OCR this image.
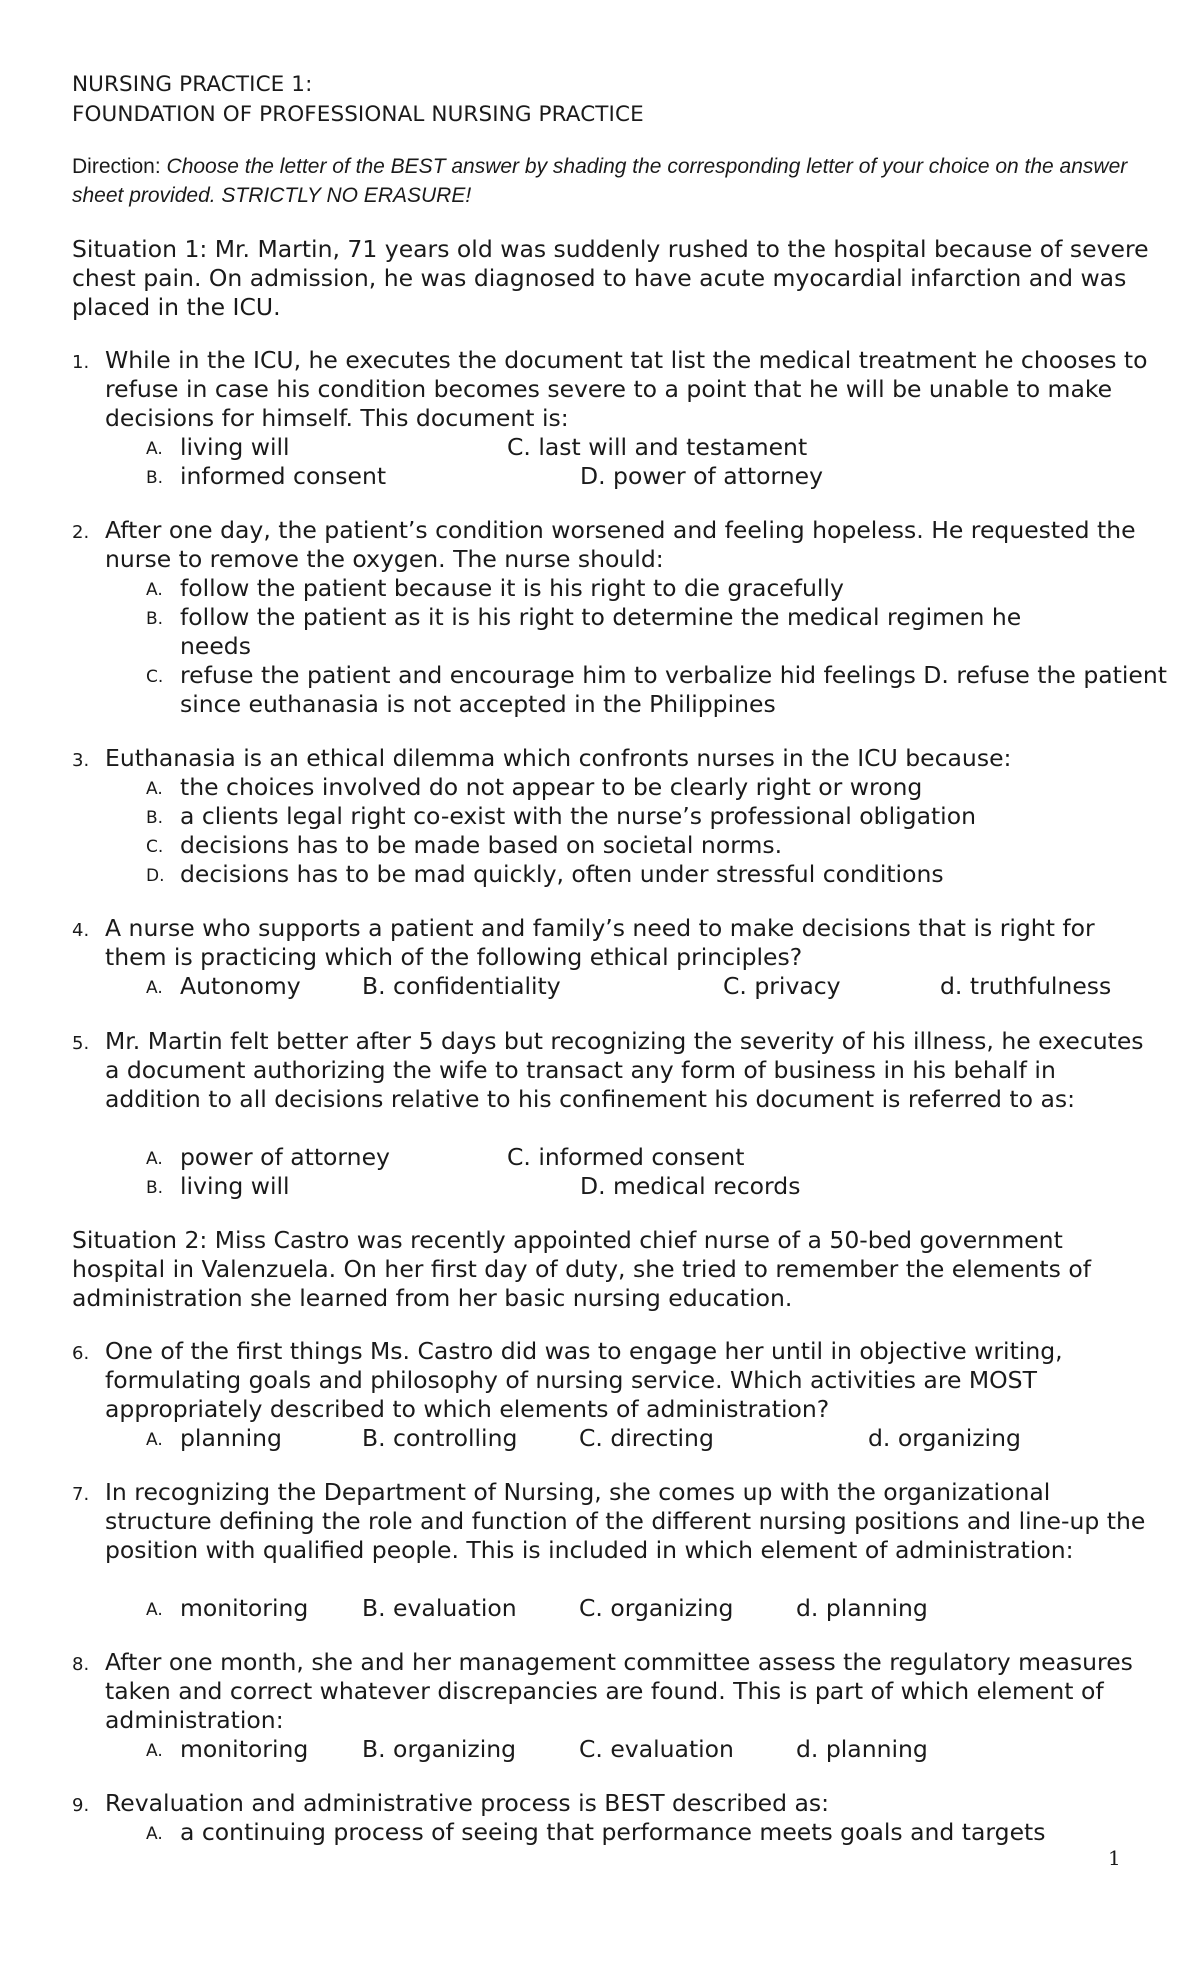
NURSING PRACTICE 1:
FOUNDATION OF PROFESSIONAL NURSING PRACTICE
Direction: Choose the letter of the BEST answer by shading the corresponding letter of your choice on the answer sheet provided. STRICTLY NO ERASURE!
Situation 1: Mr. Martin, 71 years old was suddenly rushed to the hospital because of severe chest pain. On admission, he was diagnosed to have acute myocardial infarction and was placed in the ICU.
1. While in the ICU, he executes the document tat list the medical treatment he chooses to refuse in case his condition becomes severe to a point that he will be unable to make decisions for himself. This document is:
A. living will	C. last will and testament
B. informed consent	D. power of attorney
2. After one day, the patient’s condition worsened and feeling hopeless. He requested the nurse to remove the oxygen. The nurse should:
A. follow the patient because it is his right to die gracefully
B. follow the patient as it is his right to determine the medical regimen he needs
C. refuse the patient and encourage him to verbalize hid feelings D. refuse the patient since euthanasia is not accepted in the Philippines
3. Euthanasia is an ethical dilemma which confronts nurses in the ICU because:
A. the choices involved do not appear to be clearly right or wrong
B. a clients legal right co-exist with the nurse’s professional obligation
C. decisions has to be made based on societal norms.
D. decisions has to be mad quickly, often under stressful conditions
4. A nurse who supports a patient and family’s need to make decisions that is right for them is practicing which of the following ethical principles?
A. Autonomy	B. confidentiality	C. privacy	d. truthfulness
5. Mr. Martin felt better after 5 days but recognizing the severity of his illness, he executes a document authorizing the wife to transact any form of business in his behalf in addition to all decisions relative to his confinement his document is referred to as:
A. power of attorney	C. informed consent
B. living will	D. medical records
Situation 2: Miss Castro was recently appointed chief nurse of a 50-bed government hospital in Valenzuela. On her first day of duty, she tried to remember the elements of administration she learned from her basic nursing education.
6. One of the first things Ms. Castro did was to engage her until in objective writing, formulating goals and philosophy of nursing service. Which activities are MOST appropriately described to which elements of administration?
A. planning	B. controlling	C. directing	d. organizing
7. In recognizing the Department of Nursing, she comes up with the organizational structure defining the role and function of the different nursing positions and line-up the position with qualified people. This is included in which element of administration:
A. monitoring B. evaluation	C. organizing	d. planning
8. After one month, she and her management committee assess the regulatory measures taken and correct whatever discrepancies are found. This is part of which element of administration:
A. monitoring B. organizing	C. evaluation	d. planning
9. Revaluation and administrative process is BEST described as:
A. a continuing process of seeing that performance meets goals and targets
1
